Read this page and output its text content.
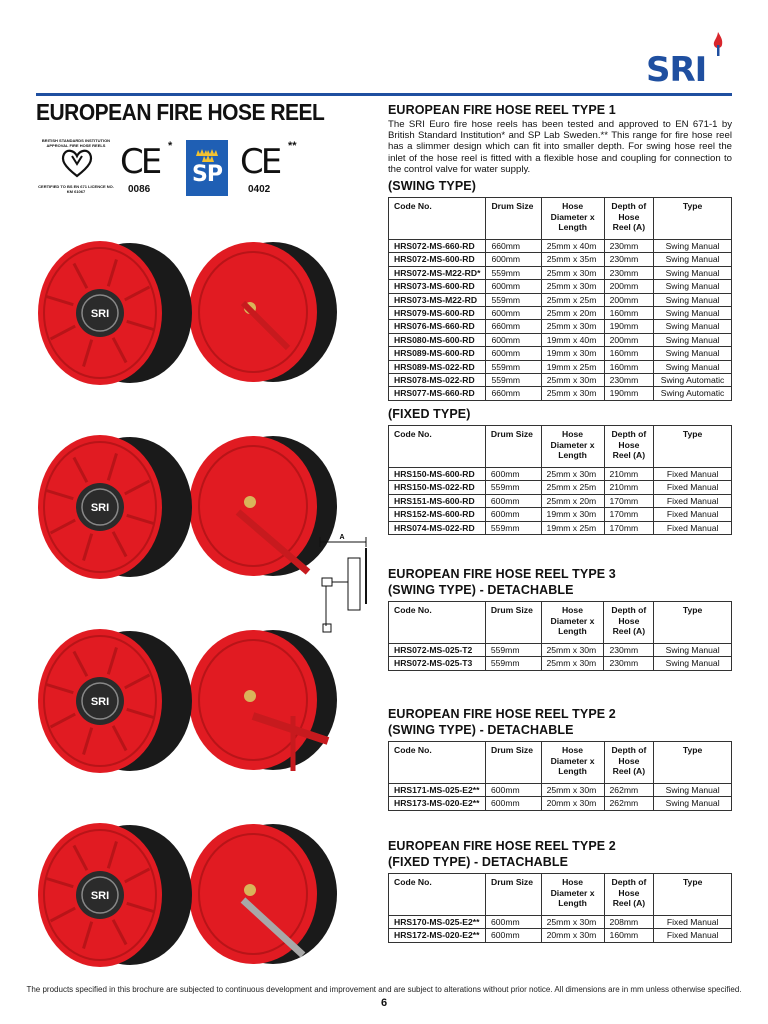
SRI
EUROPEAN FIRE HOSE REEL
BRITISH STANDARDS INSTITUTION APPROVAL FIRE HOSE REELS
CERTIFIED TO BS EN 671 LICENCE NO. KM 61067
CE *
0086
SP CE **
0402
EUROPEAN FIRE HOSE REEL TYPE 1
The SRI Euro fire hose reels has been tested and approved to EN 671-1 by British Standard Institution* and SP Lab Sweden.** This range for fire hose reel has a slimmer design which can fit into smaller depth. For swing hose reel the inlet of the hose reel is fitted with a flexible hose and coupling for connection to the control valve for water supply.
(SWING TYPE)
Code No.	Drum Size	Hose Diameter x Length	Depth of Hose Reel (A)	Type
HRS072-MS-660-RD	660mm	25mm x 40m	230mm	Swing Manual
HRS072-MS-600-RD	600mm	25mm x 35m	230mm	Swing Manual
HRS072-MS-M22-RD*	559mm	25mm x 30m	230mm	Swing Manual
HRS073-MS-600-RD	600mm	25mm x 30m	200mm	Swing Manual
HRS073-MS-M22-RD	559mm	25mm x 25m	200mm	Swing Manual
HRS079-MS-600-RD	600mm	25mm x 20m	160mm	Swing Manual
HRS076-MS-660-RD	660mm	25mm x 30m	190mm	Swing Manual
HRS080-MS-600-RD	600mm	19mm x 40m	200mm	Swing Manual
HRS089-MS-600-RD	600mm	19mm x 30m	160mm	Swing Manual
HRS089-MS-022-RD	559mm	19mm x 25m	160mm	Swing Manual
HRS078-MS-022-RD	559mm	25mm x 30m	230mm	Swing Automatic
HRS077-MS-660-RD	660mm	25mm x 30m	190mm	Swing Automatic
(FIXED TYPE)
Code No.	Drum Size	Hose Diameter x Length	Depth of Hose Reel (A)	Type
HRS150-MS-600-RD	600mm	25mm x 30m	210mm	Fixed Manual
HRS150-MS-022-RD	559mm	25mm x 25m	210mm	Fixed Manual
HRS151-MS-600-RD	600mm	25mm x 20m	170mm	Fixed Manual
HRS152-MS-600-RD	600mm	19mm x 30m	170mm	Fixed Manual
HRS074-MS-022-RD	559mm	19mm x 25m	170mm	Fixed Manual
EUROPEAN FIRE HOSE REEL TYPE 3
(SWING TYPE) - DETACHABLE
Code No.	Drum Size	Hose Diameter x Length	Depth of Hose Reel (A)	Type
HRS072-MS-025-T2	559mm	25mm x 30m	230mm	Swing Manual
HRS072-MS-025-T3	559mm	25mm x 30m	230mm	Swing Manual
EUROPEAN FIRE HOSE REEL TYPE 2
(SWING TYPE) - DETACHABLE
Code No.	Drum Size	Hose Diameter x Length	Depth of Hose Reel (A)	Type
HRS171-MS-025-E2**	600mm	25mm x 30m	262mm	Swing Manual
HRS173-MS-020-E2**	600mm	20mm x 30m	262mm	Swing Manual
EUROPEAN FIRE HOSE REEL TYPE 2
(FIXED TYPE) - DETACHABLE
Code No.	Drum Size	Hose Diameter x Length	Depth of Hose Reel (A)	Type
HRS170-MS-025-E2**	600mm	25mm x 30m	208mm	Fixed Manual
HRS172-MS-020-E2**	600mm	20mm x 30m	160mm	Fixed Manual
SRI
SRI
SRI
SRI
A
The products specified in this brochure are subjected to continuous development and improvement and are subject to alterations without prior notice. All dimensions are in mm unless otherwise specified.
6
